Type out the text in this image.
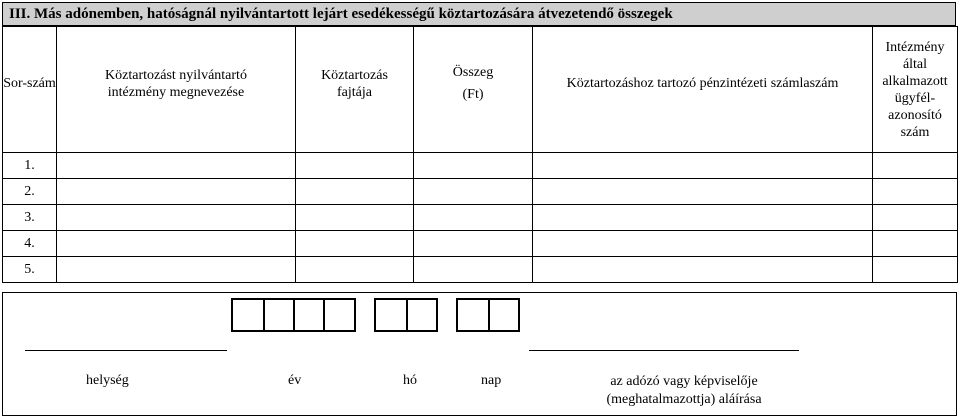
III. Más adónemben, hatóságnál nyilvántartott lejárt esedékességű köztartozására átvezetendő összegek
Sor-szám	Köztartozást nyilvántartó intézmény megnevezése	Köztartozás fajtája	Összeg
(Ft)	Köztartozáshoz tartozó pénzintézeti számlaszám	Intézmény által alkalmazott ügyfél-azonosító szám

1.					
2.					
3.					
4.					
5.					
helység	év	hó	nap	az adózó vagy képviselője
(meghatalmazottja) aláírása
